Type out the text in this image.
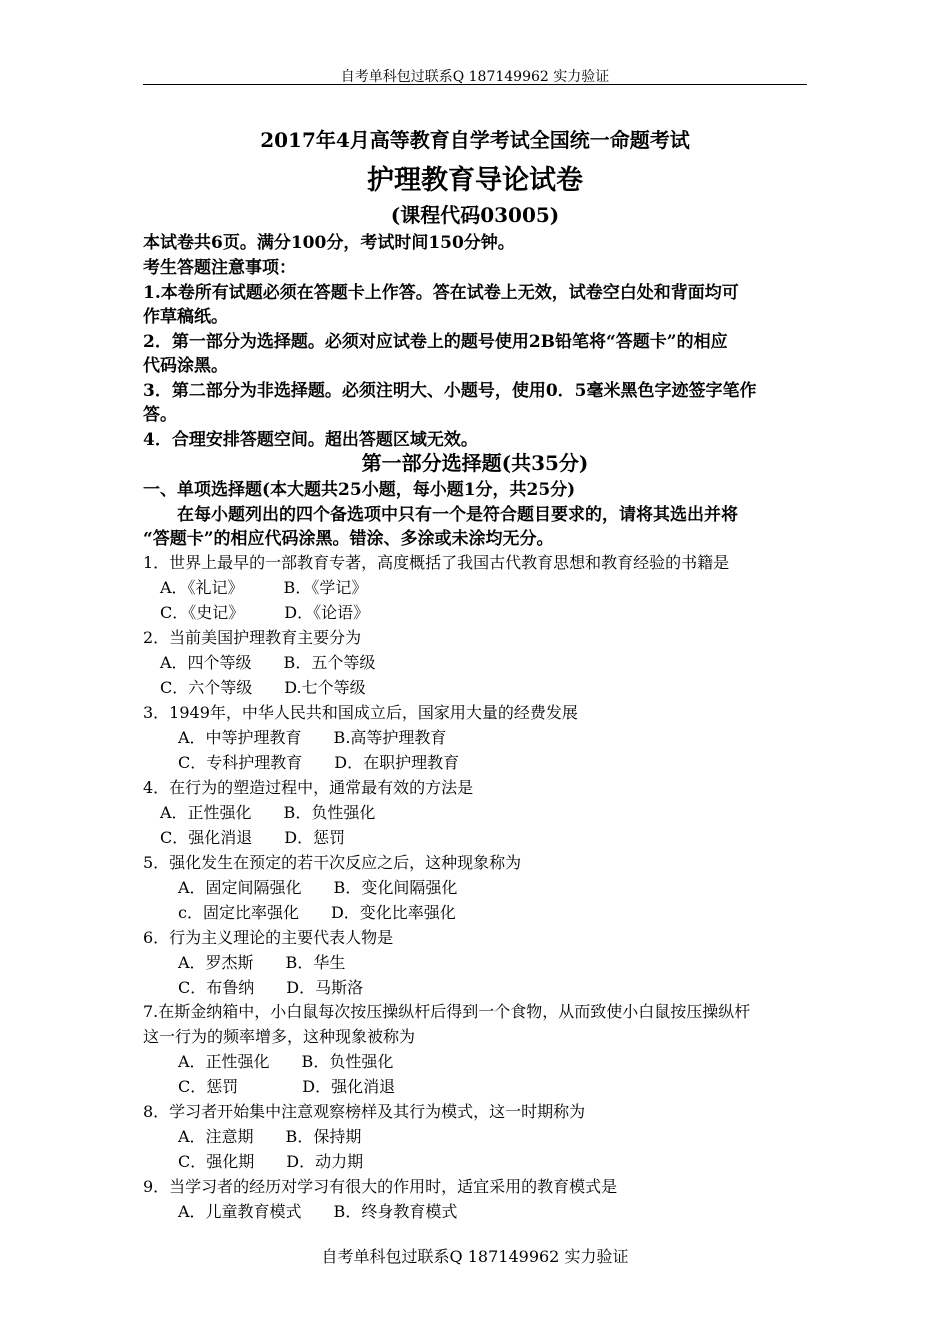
自考单科包过联系Q 187149962 实力验证
2017年4月高等教育自学考试全国统一命题考试
护理教育导论试卷
(课程代码03005)
本试卷共6页。满分100分，考试时间150分钟。
考生答题注意事项：
1.本卷所有试题必须在答题卡上作答。答在试卷上无效，试卷空白处和背面均可
作草稿纸。
2．第一部分为选择题。必须对应试卷上的题号使用2B铅笔将“答题卡”的相应
代码涂黑。
3．第二部分为非选择题。必须注明大、小题号，使用0．5毫米黑色字迹签字笔作
答。
4．合理安排答题空间。超出答题区域无效。
第一部分选择题(共35分)
一、单项选择题(本大题共25小题，每小题1分，共25分)
在每小题列出的四个备选项中只有一个是符合题目要求的，请将其选出并将
“答题卡”的相应代码涂黑。错涂、多涂或未涂均无分。
1．世界上最早的一部教育专著，高度概括了我国古代教育思想和教育经验的书籍是
A．《礼记》　　　B．《学记》
C．《史记》　　　D．《论语》
2．当前美国护理教育主要分为
A．四个等级　　B．五个等级
C．六个等级　　D.七个等级
3．1949年，中华人民共和国成立后，国家用大量的经费发展
A．中等护理教育　　B.高等护理教育
C．专科护理教育　　D．在职护理教育
4．在行为的塑造过程中，通常最有效的方法是
A．正性强化　　B．负性强化
C．强化消退　　D．惩罚
5．强化发生在预定的若干次反应之后，这种现象称为
A．固定间隔强化　　B．变化间隔强化
c．固定比率强化　　D．变化比率强化
6．行为主义理论的主要代表人物是
A．罗杰斯　　B．华生
C．布鲁纳　　D．马斯洛
7.在斯金纳箱中，小白鼠每次按压操纵杆后得到一个食物，从而致使小白鼠按压操纵杆
这一行为的频率增多，这种现象被称为
A．正性强化　　B．负性强化
C．惩罚　　　　D．强化消退
8．学习者开始集中注意观察榜样及其行为模式，这一时期称为
A．注意期　　B．保持期
C．强化期　　D．动力期
9．当学习者的经历对学习有很大的作用时，适宜采用的教育模式是
A．儿童教育模式　　B．终身教育模式
自考单科包过联系Q 187149962 实力验证
